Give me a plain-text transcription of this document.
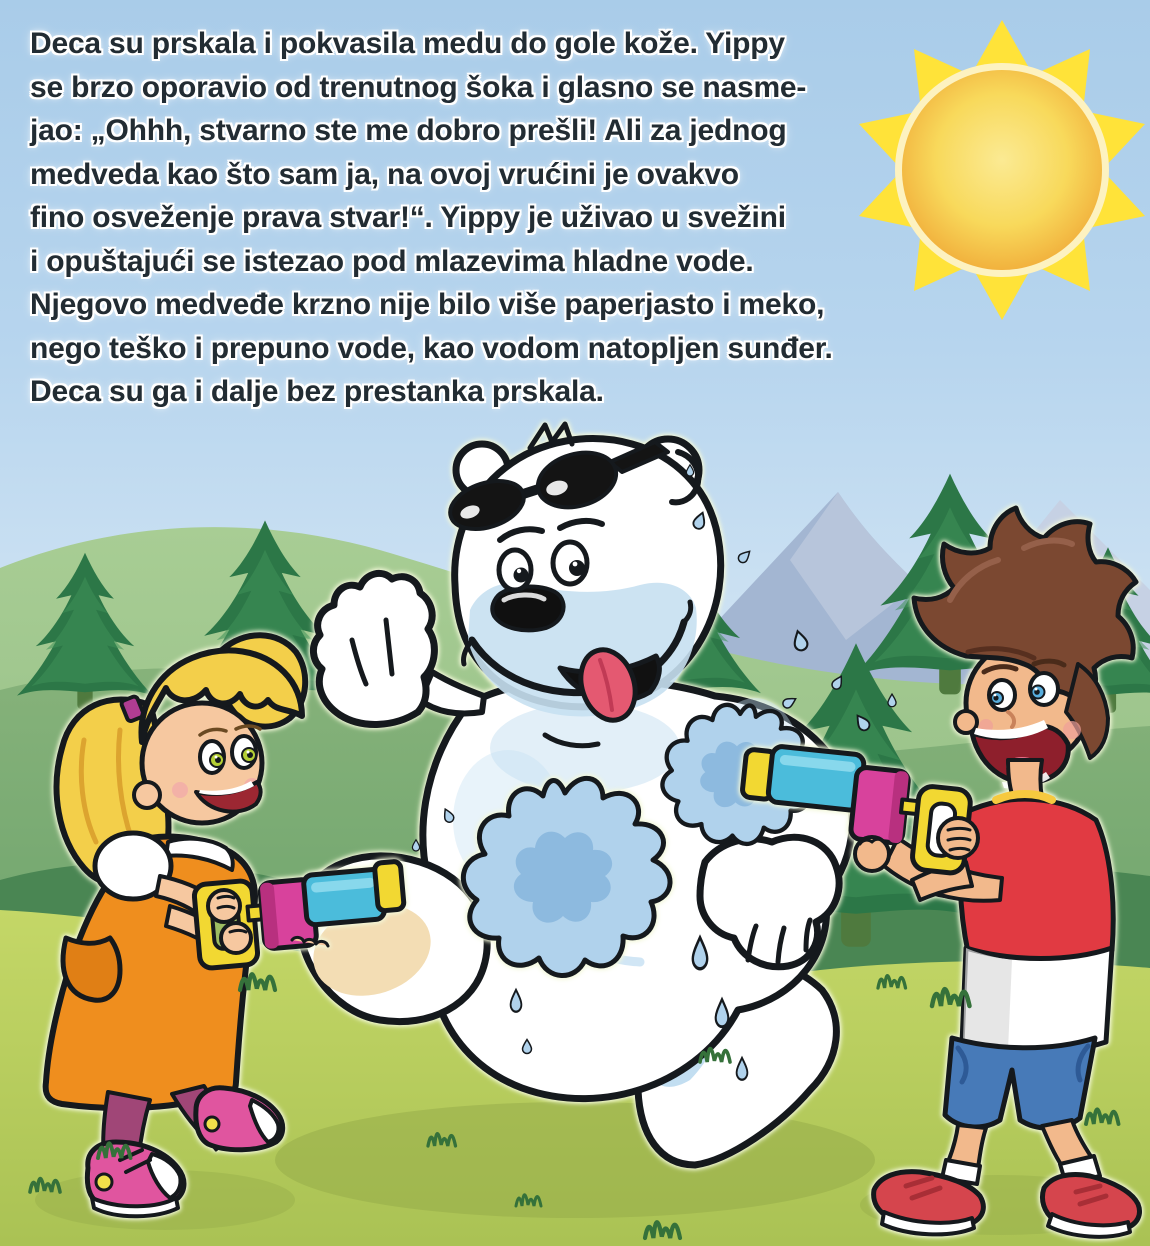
Deca su prskala i pokvasila medu do gole kože. Yippy

se brzo oporavio od trenutnog šoka i glasno se nasme-

jao: „Ohhh, stvarno ste me dobro prešli! Ali za jednog

medveda kao što sam ja, na ovoj vrućini je ovakvo

fino osveženje prava stvar!“. Yippy je uživao u svežini

i opuštajući se istezao pod mlazevima hladne vode.

Njegovo medveđe krzno nije bilo više paperjasto i meko,

nego teško i prepuno vode, kao vodom natopljen sunđer.

Deca su ga i dalje bez prestanka prskala.
